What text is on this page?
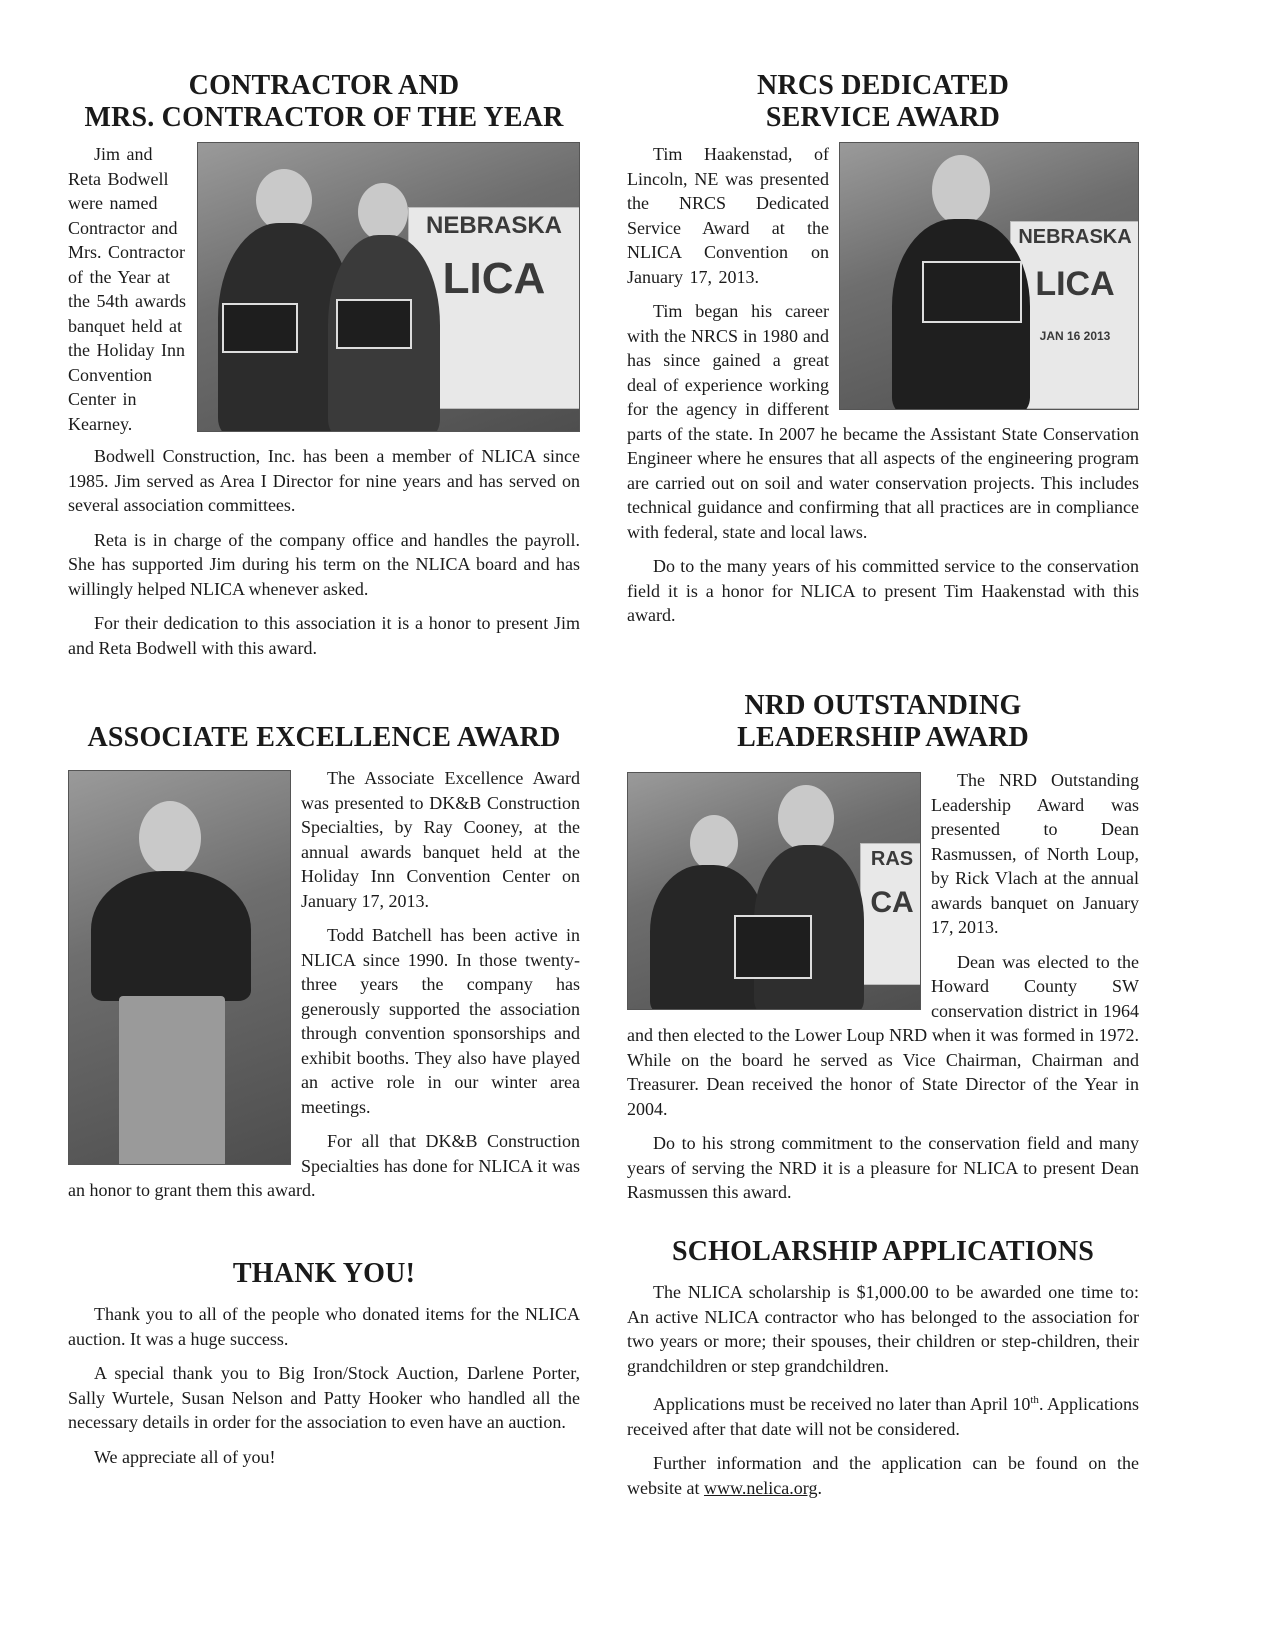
CONTRACTOR AND
MRS. CONTRACTOR OF THE YEAR
NEBRASKA
LICA

Jim and Reta Bodwell were named Contractor and Mrs. Contractor of the Year at the 54th awards banquet held at the Holiday Inn Convention Center in Kearney.

Bodwell Construction, Inc. has been a member of NLICA since 1985. Jim served as Area I Director for nine years and has served on several association committees.

Reta is in charge of the company office and handles the payroll. She has supported Jim during his term on the NLICA board and has willingly helped NLICA whenever asked.

For their dedication to this association it is a honor to present Jim and Reta Bodwell with this award.

ASSOCIATE EXCELLENCE AWARD

The Associate Excellence Award was presented to DK&B Construction Specialties, by Ray Cooney, at the annual awards banquet held at the Holiday Inn Convention Center on January 17, 2013.

Todd Batchell has been active in NLICA since 1990. In those twenty-three years the company has generously supported the association through convention sponsorships and exhibit booths. They also have played an active role in our winter area meetings.

For all that DK&B Construction Specialties has done for NLICA it was an honor to grant them this award.

THANK YOU!

Thank you to all of the people who donated items for the NLICA auction. It was a huge success.

A special thank you to Big Iron/Stock Auction, Darlene Porter, Sally Wurtele, Susan Nelson and Patty Hooker who handled all the necessary details in order for the association to even have an auction.

We appreciate all of you!

NRCS DEDICATED
SERVICE AWARD
NEBRASKA
LICA
JAN 16 2013

Tim Haakenstad, of Lincoln, NE was presented the NRCS Dedicated Service Award at the NLICA Convention on January 17, 2013.

Tim began his career with the NRCS in 1980 and has since gained a great deal of experience working for the agency in different parts of the state. In 2007 he became the Assistant State Conservation Engineer where he ensures that all aspects of the engineering program are carried out on soil and water conservation projects. This includes technical guidance and confirming that all practices are in compliance with federal, state and local laws.

Do to the many years of his committed service to the conservation field it is a honor for NLICA to present Tim Haakenstad with this award.

NRD OUTSTANDING
LEADERSHIP AWARD
RAS
CA

The NRD Outstanding Leadership Award was presented to Dean Rasmussen, of North Loup, by Rick Vlach at the annual awards banquet on January 17, 2013.

Dean was elected to the Howard County SW conservation district in 1964 and then elected to the Lower Loup NRD when it was formed in 1972. While on the board he served as Vice Chairman, Chairman and Treasurer. Dean received the honor of State Director of the Year in 2004.

Do to his strong commitment to the conservation field and many years of serving the NRD it is a pleasure for NLICA to present Dean Rasmussen this award.

SCHOLARSHIP APPLICATIONS

The NLICA scholarship is $1,000.00 to be awarded one time to: An active NLICA contractor who has belonged to the association for two years or more; their spouses, their children or step-children, their grandchildren or step grandchildren.

Applications must be received no later than April 10th. Applications received after that date will not be considered.

Further information and the application can be found on the website at www.nelica.org.
